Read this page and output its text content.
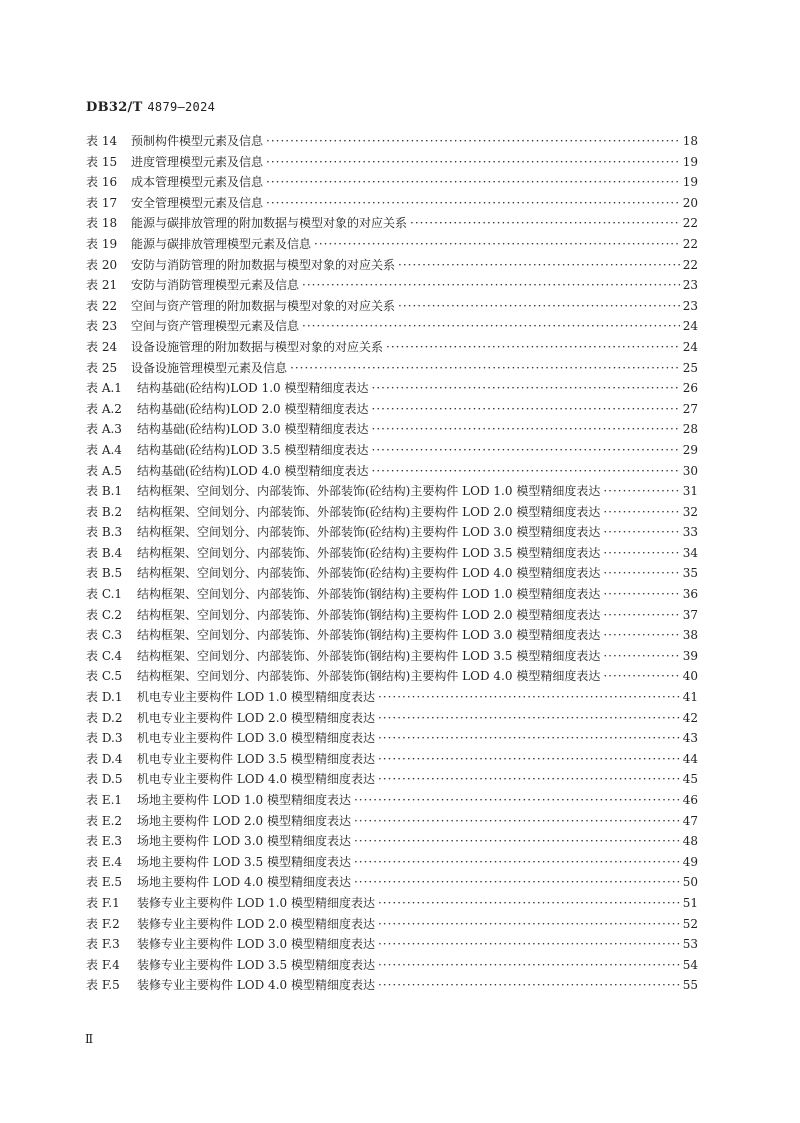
DB32/T 4879—2024
表 14	预制构件模型元素及信息 ·····	18
表 15	进度管理模型元素及信息 ·····	19
表 16	成本管理模型元素及信息 ·····	19
表 17	安全管理模型元素及信息 ·····	20
表 18	能源与碳排放管理的附加数据与模型对象的对应关系 ·····	22
表 19	能源与碳排放管理模型元素及信息 ·····	22
表 20	安防与消防管理的附加数据与模型对象的对应关系 ·····	22
表 21	安防与消防管理模型元素及信息 ·····	23
表 22	空间与资产管理的附加数据与模型对象的对应关系 ·····	23
表 23	空间与资产管理模型元素及信息 ·····	24
表 24	设备设施管理的附加数据与模型对象的对应关系 ·····	24
表 25	设备设施管理模型元素及信息 ·····	25
表 A.1	结构基础(砼结构)LOD 1.0 模型精细度表达 ·····	26
表 A.2	结构基础(砼结构)LOD 2.0 模型精细度表达 ·····	27
表 A.3	结构基础(砼结构)LOD 3.0 模型精细度表达 ·····	28
表 A.4	结构基础(砼结构)LOD 3.5 模型精细度表达 ·····	29
表 A.5	结构基础(砼结构)LOD 4.0 模型精细度表达 ·····	30
表 B.1	结构框架、空间划分、内部装饰、外部装饰(砼结构)主要构件 LOD 1.0 模型精细度表达 ·····	31
表 B.2	结构框架、空间划分、内部装饰、外部装饰(砼结构)主要构件 LOD 2.0 模型精细度表达 ·····	32
表 B.3	结构框架、空间划分、内部装饰、外部装饰(砼结构)主要构件 LOD 3.0 模型精细度表达 ·····	33
表 B.4	结构框架、空间划分、内部装饰、外部装饰(砼结构)主要构件 LOD 3.5 模型精细度表达 ·····	34
表 B.5	结构框架、空间划分、内部装饰、外部装饰(砼结构)主要构件 LOD 4.0 模型精细度表达 ·····	35
表 C.1	结构框架、空间划分、内部装饰、外部装饰(钢结构)主要构件 LOD 1.0 模型精细度表达 ·····	36
表 C.2	结构框架、空间划分、内部装饰、外部装饰(钢结构)主要构件 LOD 2.0 模型精细度表达 ·····	37
表 C.3	结构框架、空间划分、内部装饰、外部装饰(钢结构)主要构件 LOD 3.0 模型精细度表达 ·····	38
表 C.4	结构框架、空间划分、内部装饰、外部装饰(钢结构)主要构件 LOD 3.5 模型精细度表达 ·····	39
表 C.5	结构框架、空间划分、内部装饰、外部装饰(钢结构)主要构件 LOD 4.0 模型精细度表达 ·····	40
表 D.1	机电专业主要构件 LOD 1.0 模型精细度表达 ·····	41
表 D.2	机电专业主要构件 LOD 2.0 模型精细度表达 ·····	42
表 D.3	机电专业主要构件 LOD 3.0 模型精细度表达 ·····	43
表 D.4	机电专业主要构件 LOD 3.5 模型精细度表达 ·····	44
表 D.5	机电专业主要构件 LOD 4.0 模型精细度表达 ·····	45
表 E.1	场地主要构件 LOD 1.0 模型精细度表达 ·····	46
表 E.2	场地主要构件 LOD 2.0 模型精细度表达 ·····	47
表 E.3	场地主要构件 LOD 3.0 模型精细度表达 ·····	48
表 E.4	场地主要构件 LOD 3.5 模型精细度表达 ·····	49
表 E.5	场地主要构件 LOD 4.0 模型精细度表达 ·····	50
表 F.1	装修专业主要构件 LOD 1.0 模型精细度表达 ·····	51
表 F.2	装修专业主要构件 LOD 2.0 模型精细度表达 ·····	52
表 F.3	装修专业主要构件 LOD 3.0 模型精细度表达 ·····	53
表 F.4	装修专业主要构件 LOD 3.5 模型精细度表达 ·····	54
表 F.5	装修专业主要构件 LOD 4.0 模型精细度表达 ·····	55
Ⅱ
